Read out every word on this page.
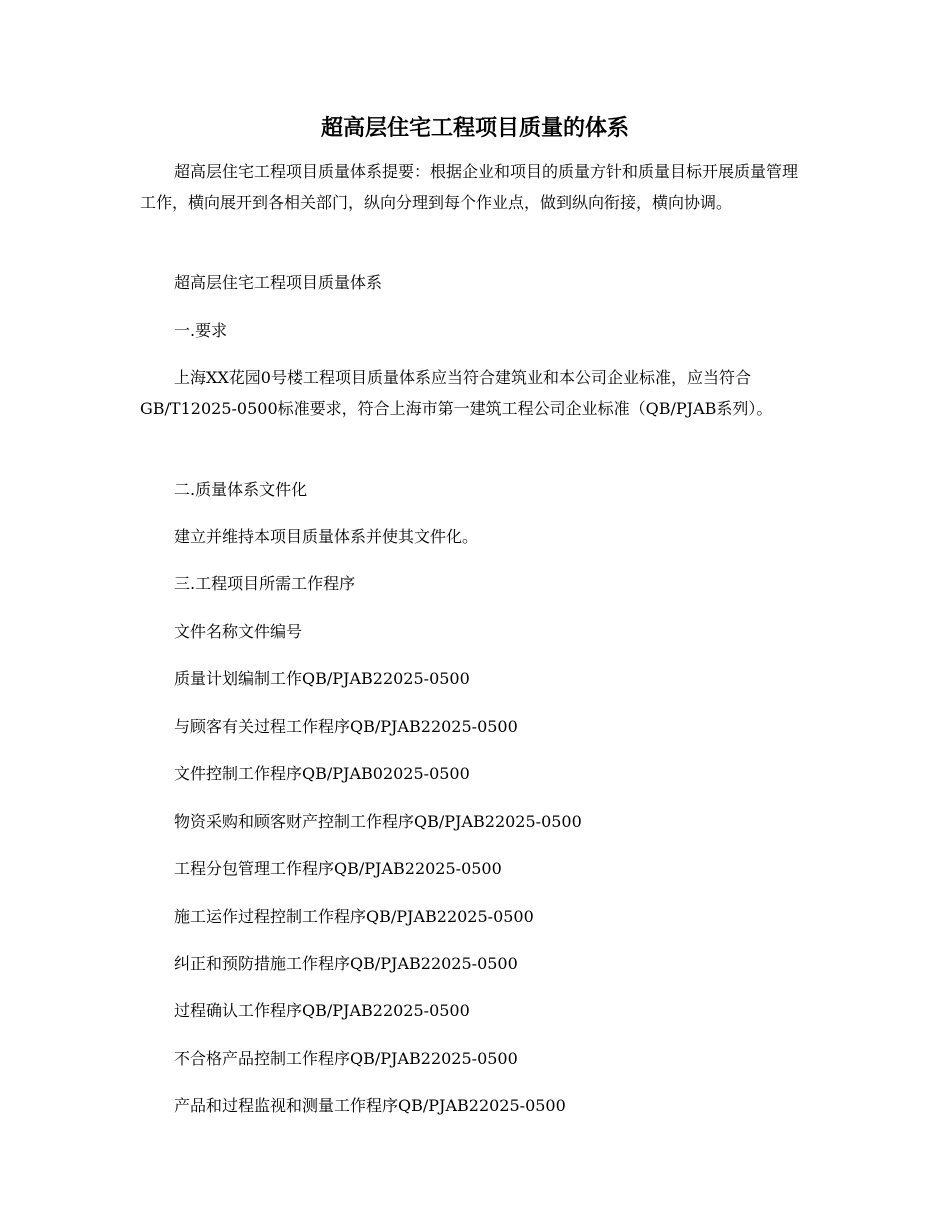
超高层住宅工程项目质量的体系

超高层住宅工程项目质量体系提要：根据企业和项目的质量方针和质量目标开展质量管理工作，横向展开到各相关部门，纵向分理到每个作业点，做到纵向衔接，横向协调。

超高层住宅工程项目质量体系

一.要求

上海XX花园0号楼工程项目质量体系应当符合建筑业和本公司企业标准，应当符合GB/T12025-0500标准要求，符合上海市第一建筑工程公司企业标准（QB/PJAB系列）。

二.质量体系文件化

建立并维持本项目质量体系并使其文件化。

三.工程项目所需工作程序

文件名称文件编号

质量计划编制工作QB/PJAB22025-0500

与顾客有关过程工作程序QB/PJAB22025-0500

文件控制工作程序QB/PJAB02025-0500

物资采购和顾客财产控制工作程序QB/PJAB22025-0500

工程分包管理工作程序QB/PJAB22025-0500

施工运作过程控制工作程序QB/PJAB22025-0500

纠正和预防措施工作程序QB/PJAB22025-0500

过程确认工作程序QB/PJAB22025-0500

不合格产品控制工作程序QB/PJAB22025-0500

产品和过程监视和测量工作程序QB/PJAB22025-0500
